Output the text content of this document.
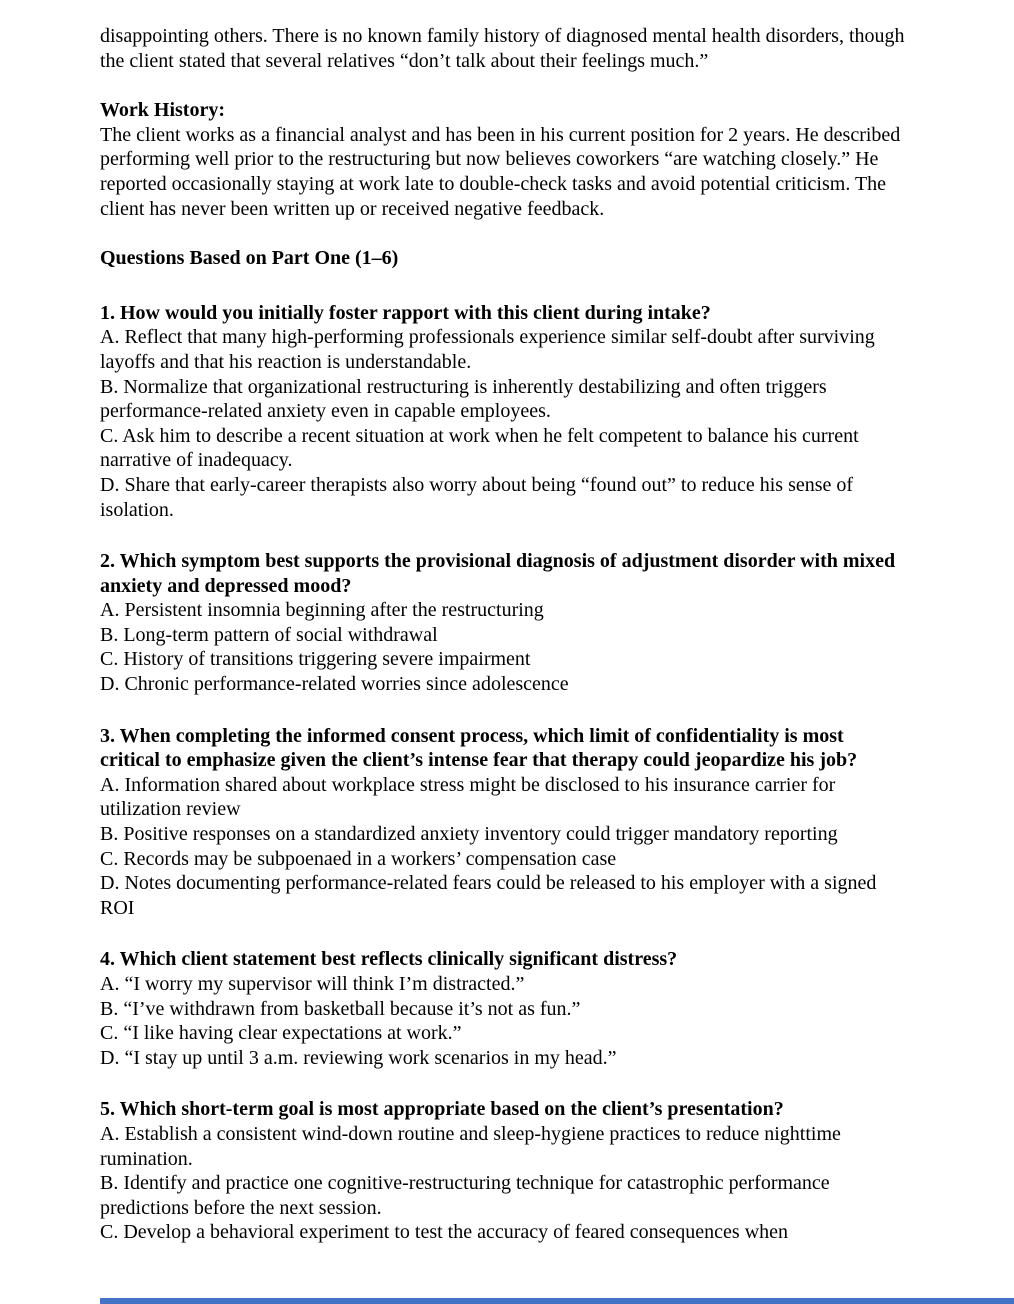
disappointing others. There is no known family history of diagnosed mental health disorders, though the client stated that several relatives “don’t talk about their feelings much.”
Work History:
The client works as a financial analyst and has been in his current position for 2 years. He described performing well prior to the restructuring but now believes coworkers “are watching closely.” He reported occasionally staying at work late to double-check tasks and avoid potential criticism. The client has never been written up or received negative feedback.
Questions Based on Part One (1–6)
1. How would you initially foster rapport with this client during intake?
A. Reflect that many high-performing professionals experience similar self-doubt after surviving layoffs and that his reaction is understandable.
B. Normalize that organizational restructuring is inherently destabilizing and often triggers performance-related anxiety even in capable employees.
C. Ask him to describe a recent situation at work when he felt competent to balance his current narrative of inadequacy.
D. Share that early-career therapists also worry about being “found out” to reduce his sense of isolation.
2. Which symptom best supports the provisional diagnosis of adjustment disorder with mixed anxiety and depressed mood?
A. Persistent insomnia beginning after the restructuring
B. Long-term pattern of social withdrawal
C. History of transitions triggering severe impairment
D. Chronic performance-related worries since adolescence
3. When completing the informed consent process, which limit of confidentiality is most critical to emphasize given the client’s intense fear that therapy could jeopardize his job?
A. Information shared about workplace stress might be disclosed to his insurance carrier for utilization review
B. Positive responses on a standardized anxiety inventory could trigger mandatory reporting
C. Records may be subpoenaed in a workers’ compensation case
D. Notes documenting performance-related fears could be released to his employer with a signed ROI
4. Which client statement best reflects clinically significant distress?
A. “I worry my supervisor will think I’m distracted.”
B. “I’ve withdrawn from basketball because it’s not as fun.”
C. “I like having clear expectations at work.”
D. “I stay up until 3 a.m. reviewing work scenarios in my head.”
5. Which short-term goal is most appropriate based on the client’s presentation?
A. Establish a consistent wind-down routine and sleep-hygiene practices to reduce nighttime rumination.
B. Identify and practice one cognitive-restructuring technique for catastrophic performance predictions before the next session.
C. Develop a behavioral experiment to test the accuracy of feared consequences when
